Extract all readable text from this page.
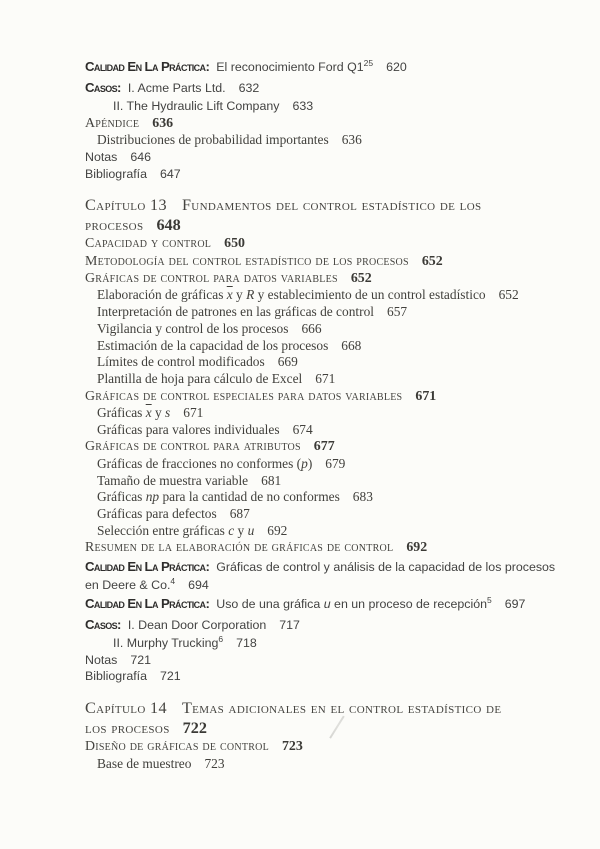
Calidad En La Práctica: El reconocimiento Ford $Q1^{25}$ 620
Casos: I. Acme Parts Ltd. 632
II. The Hydraulic Lift Company 633
Apéndice 636
Distribuciones de probabilidad importantes 636
Notas 646
Bibliografía 647
Capítulo 13 Fundamentos del control estadístico de los
procesos 648
Capacidad y control 650
Metodología del control estadístico de los procesos 652
Gráficas de control para datos variables 652
Elaboración de gráficas $\overline{x}$ y R y establecimiento de un control estadístico 652
Interpretación de patrones en las gráficas de control 657
Vigilancia y control de los procesos 666
Estimación de la capacidad de los procesos 668
Límites de control modificados 669
Plantilla de hoja para cálculo de Excel 671
Gráficas de control especiales para datos variables 671
Gráficas $\overline{x}$ y s 671
Gráficas para valores individuales 674
Gráficas de control para atributos 677
Gráficas de fracciones no conformes (p) 679
Tamaño de muestra variable 681
Gráficas np para la cantidad de no conformes 683
Gráficas para defectos 687
Selección entre gráficas c y u 692
Resumen de la elaboración de gráficas de control 692
Calidad En La Práctica: Gráficas de control y análisis de la capacidad de los procesos
en Deere & Co.$^4$ 694
Calidad En La Práctica: Uso de una gráfica u en un proceso de recepción$^5$ 697
Casos: I. Dean Door Corporation 717
II. Murphy Trucking$^6$ 718
Notas 721
Bibliografía 721
Capítulo 14 Temas adicionales en el control estadístico de
los procesos 722
Diseño de gráficas de control 723
Base de muestreo 723
